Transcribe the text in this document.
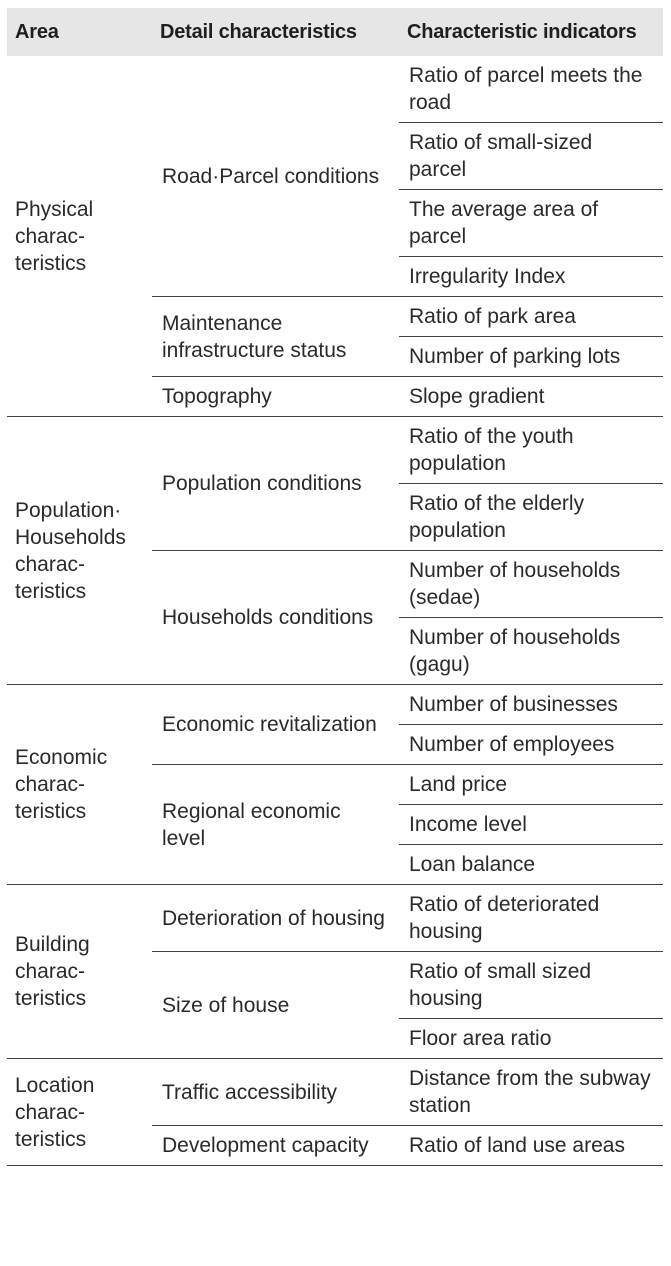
Area	Detail characteristics	Characteristic indicators
Physical charac-teristics	Road·Parcel conditions	Ratio of parcel meets the road
		Ratio of small-sized parcel
		The average area of parcel
		Irregularity Index
	Maintenance infrastructure status	Ratio of park area
		Number of parking lots
	Topography	Slope gradient
Population· Households charac-teristics	Population conditions	Ratio of the youth population
		Ratio of the elderly population
	Households conditions	Number of households (sedae)
		Number of households (gagu)
Economic charac-teristics	Economic revitalization	Number of businesses
		Number of employees
	Regional economic level	Land price
		Income level
		Loan balance
Building charac-teristics	Deterioration of housing	Ratio of deteriorated housing
	Size of house	Ratio of small sized housing
		Floor area ratio
Location charac-teristics	Traffic accessibility	Distance from the subway station
	Development capacity	Ratio of land use areas
